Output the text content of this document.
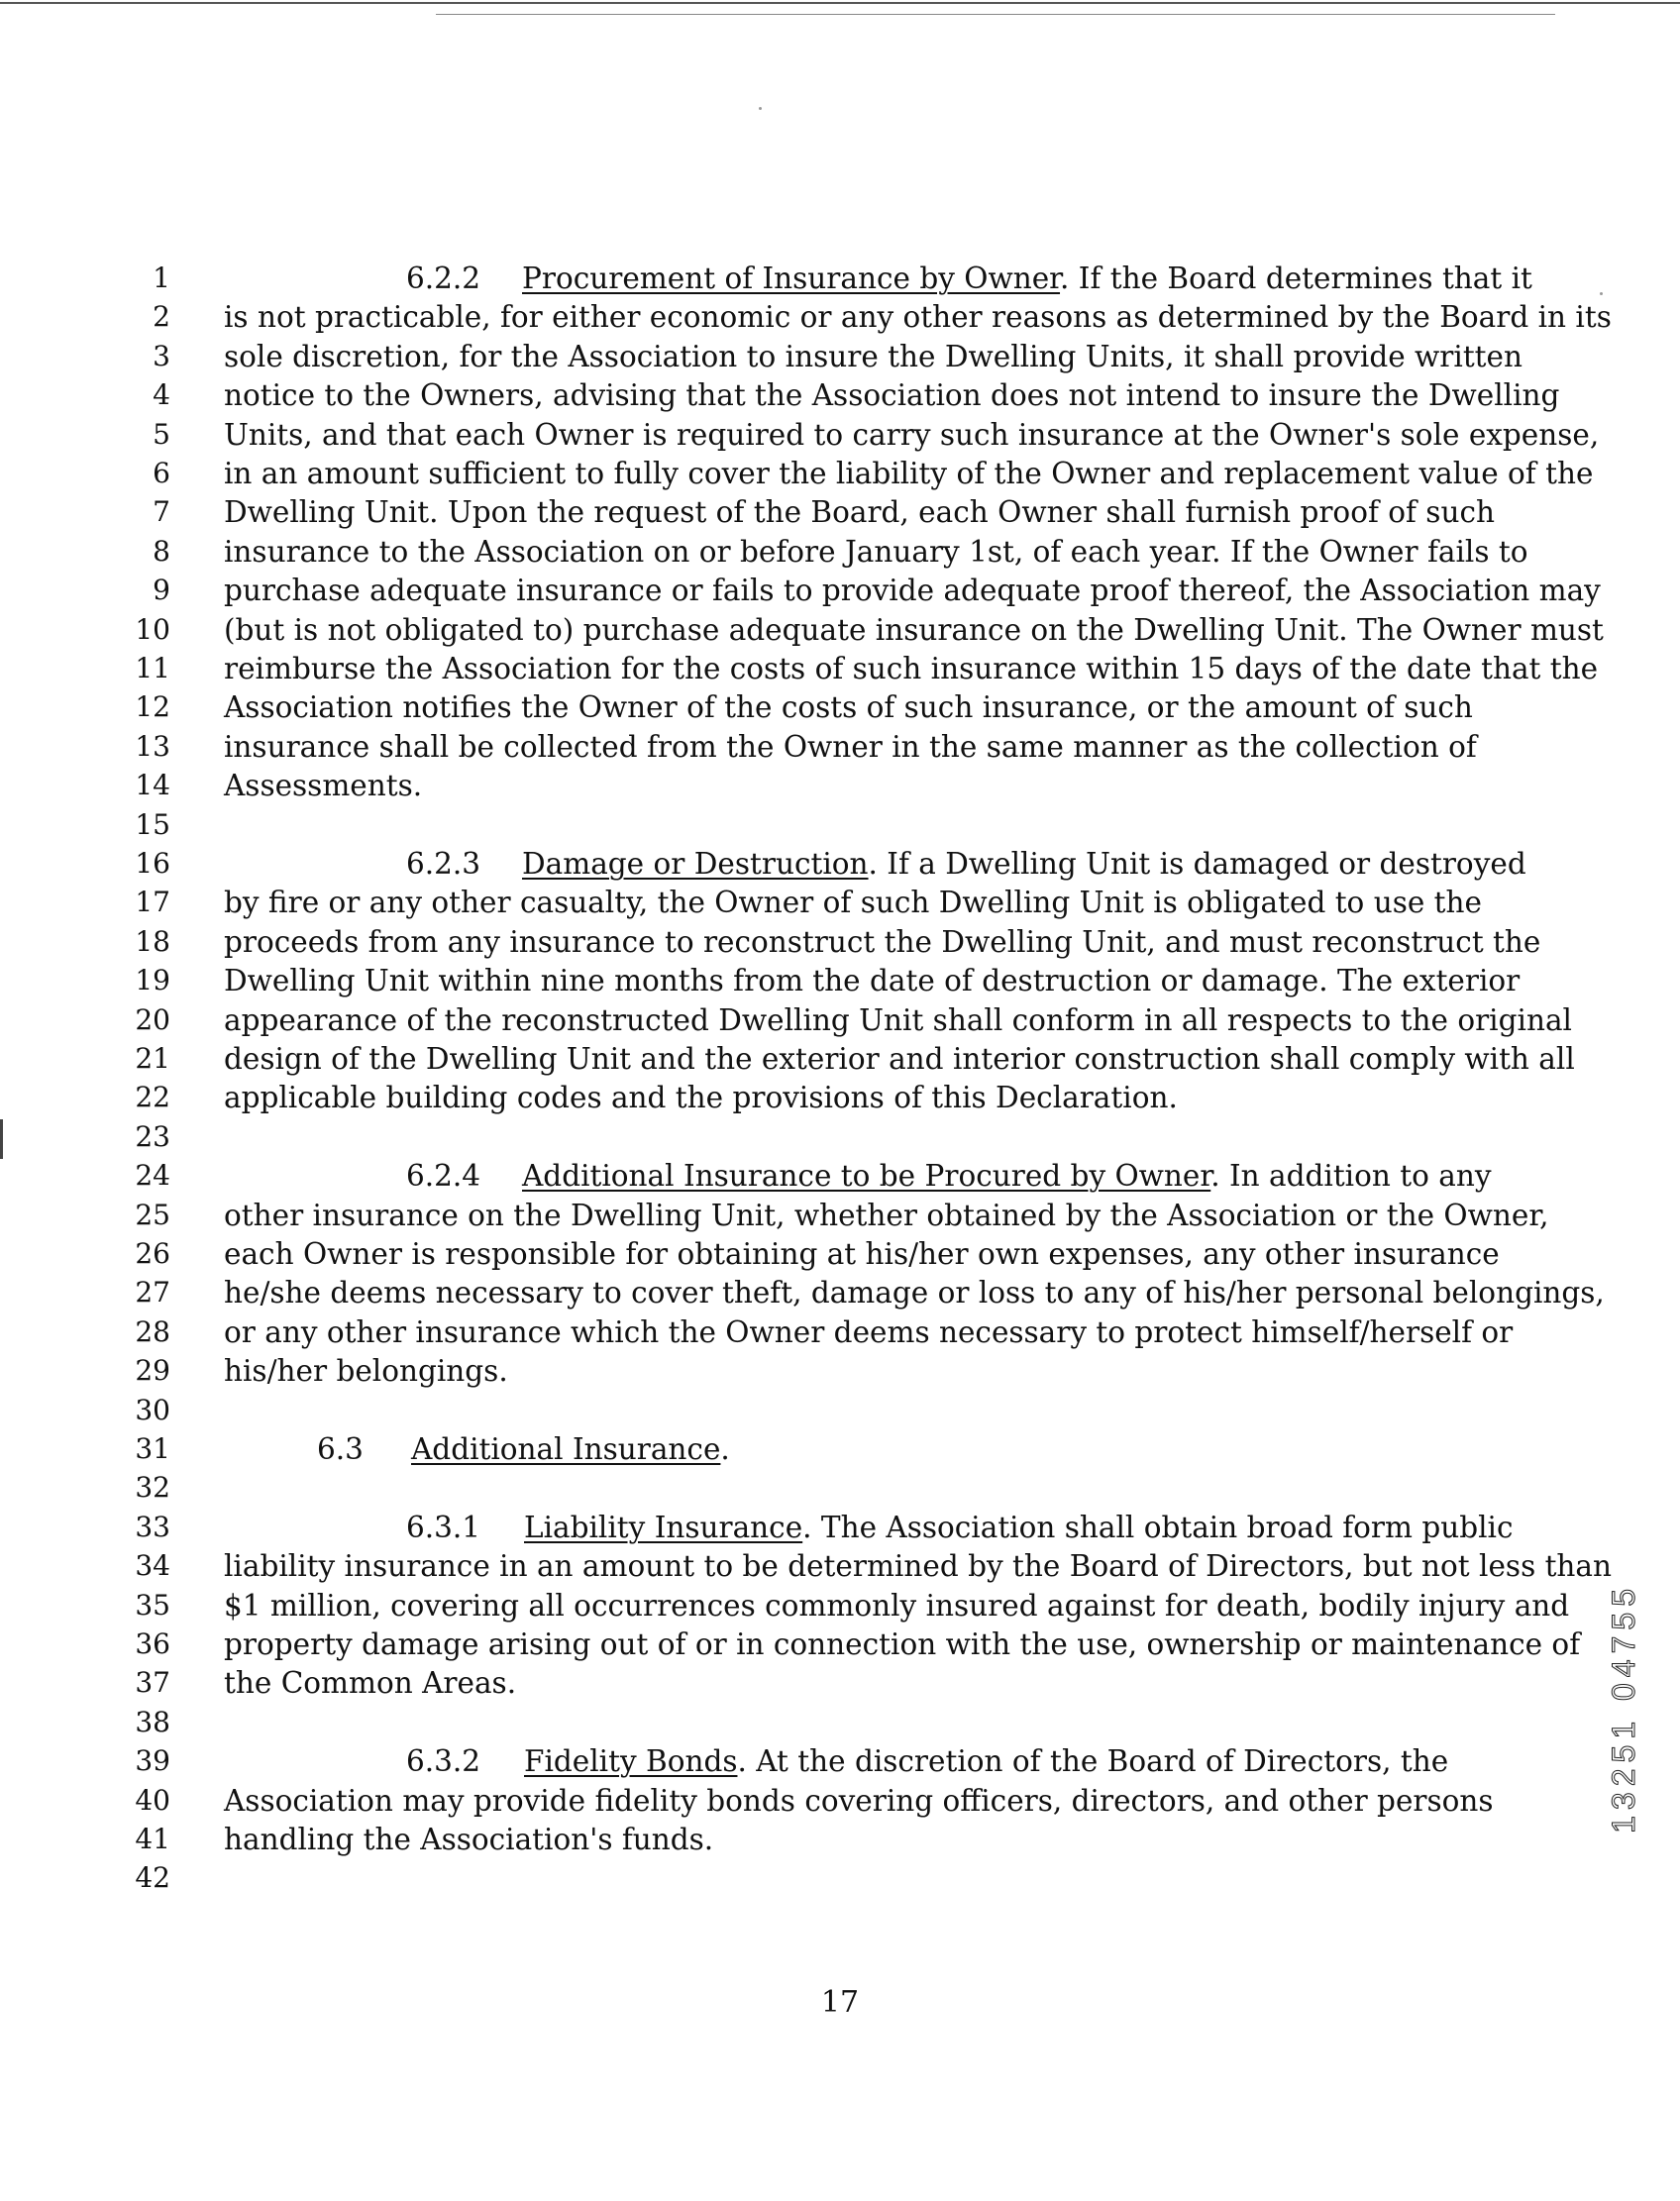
1
2
3
4
5
6
7
8
9
10
11
12
13
14
15
16
17
18
19
20
21
22
23
24
25
26
27
28
29
30
31
32
33
34
35
36
37
38
39
40
41
42
6.2.2 Procurement of Insurance by Owner. If the Board determines that it
is not practicable, for either economic or any other reasons as determined by the Board in its
sole discretion, for the Association to insure the Dwelling Units, it shall provide written
notice to the Owners, advising that the Association does not intend to insure the Dwelling
Units, and that each Owner is required to carry such insurance at the Owner's sole expense,
in an amount sufficient to fully cover the liability of the Owner and replacement value of the
Dwelling Unit. Upon the request of the Board, each Owner shall furnish proof of such
insurance to the Association on or before January 1st, of each year. If the Owner fails to
purchase adequate insurance or fails to provide adequate proof thereof, the Association may
(but is not obligated to) purchase adequate insurance on the Dwelling Unit. The Owner must
reimburse the Association for the costs of such insurance within 15 days of the date that the
Association notifies the Owner of the costs of such insurance, or the amount of such
insurance shall be collected from the Owner in the same manner as the collection of
Assessments.
6.2.3 Damage or Destruction. If a Dwelling Unit is damaged or destroyed
by fire or any other casualty, the Owner of such Dwelling Unit is obligated to use the
proceeds from any insurance to reconstruct the Dwelling Unit, and must reconstruct the
Dwelling Unit within nine months from the date of destruction or damage. The exterior
appearance of the reconstructed Dwelling Unit shall conform in all respects to the original
design of the Dwelling Unit and the exterior and interior construction shall comply with all
applicable building codes and the provisions of this Declaration.
6.2.4 Additional Insurance to be Procured by Owner. In addition to any
other insurance on the Dwelling Unit, whether obtained by the Association or the Owner,
each Owner is responsible for obtaining at his/her own expenses, any other insurance
he/she deems necessary to cover theft, damage or loss to any of his/her personal belongings,
or any other insurance which the Owner deems necessary to protect himself/herself or
his/her belongings.
6.3 Additional Insurance.
6.3.1 Liability Insurance. The Association shall obtain broad form public
liability insurance in an amount to be determined by the Board of Directors, but not less than
$1 million, covering all occurrences commonly insured against for death, bodily injury and
property damage arising out of or in connection with the use, ownership or maintenance of
the Common Areas.
6.3.2 Fidelity Bonds. At the discretion of the Board of Directors, the
Association may provide fidelity bonds covering officers, directors, and other persons
handling the Association's funds.
17
13251 04755
